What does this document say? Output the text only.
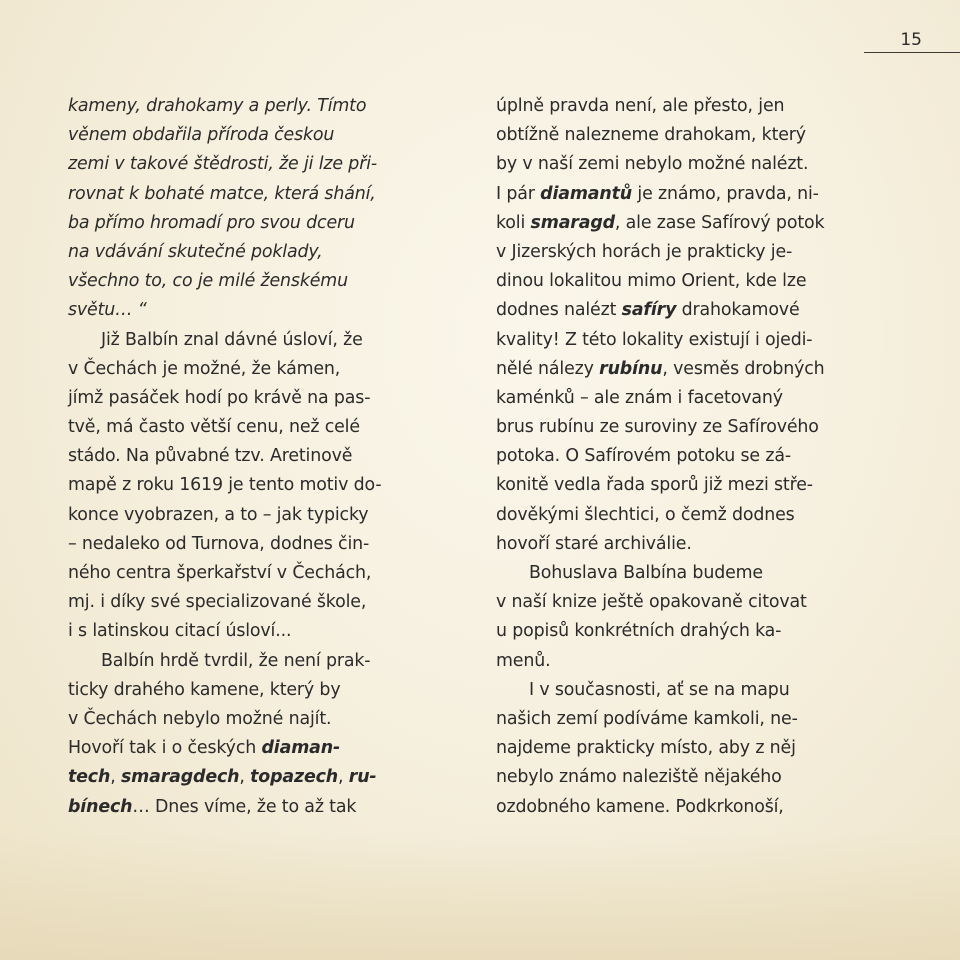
15
kameny, drahokamy a perly. Tímto
věnem obdařila příroda českou
zemi v takové štědrosti, že ji lze při-
rovnat k bohaté matce, která shání,
ba přímo hromadí pro svou dceru
na vdávání skutečné poklady,
všechno to, co je milé ženskému
světu… “
Již Balbín znal dávné úsloví, že
v Čechách je možné, že kámen,
jímž pasáček hodí po krávě na pas-
tvě, má často větší cenu, než celé
stádo. Na půvabné tzv. Aretinově
mapě z roku 1619 je tento motiv do-
konce vyobrazen, a to – jak typicky
– nedaleko od Turnova, dodnes čin-
ného centra šperkařství v Čechách,
mj. i díky své specializované škole,
i s latinskou citací úsloví...
Balbín hrdě tvrdil, že není prak-
ticky drahého kamene, který by
v Čechách nebylo možné najít.
Hovoří tak i o českých diaman-
tech, smaragdech, topazech, ru-
bínech… Dnes víme, že to až tak
úplně pravda není, ale přesto, jen
obtížně nalezneme drahokam, který
by v naší zemi nebylo možné nalézt.
I pár diamantů je známo, pravda, ni-
koli smaragd, ale zase Safírový potok
v Jizerských horách je prakticky je-
dinou lokalitou mimo Orient, kde lze
dodnes nalézt safíry drahokamové
kvality! Z této lokality existují i ojedi-
nělé nálezy rubínu, vesměs drobných
kaménků – ale znám i facetovaný
brus rubínu ze suroviny ze Safírového
potoka. O Safírovém potoku se zá-
konitě vedla řada sporů již mezi stře-
dověkými šlechtici, o čemž dodnes
hovoří staré archiválie.
Bohuslava Balbína budeme
v naší knize ještě opakovaně citovat
u popisů konkrétních drahých ka-
menů.
I v současnosti, ať se na mapu
našich zemí podíváme kamkoli, ne-
najdeme prakticky místo, aby z něj
nebylo známo naleziště nějakého
ozdobného kamene. Podkrkonoší,
